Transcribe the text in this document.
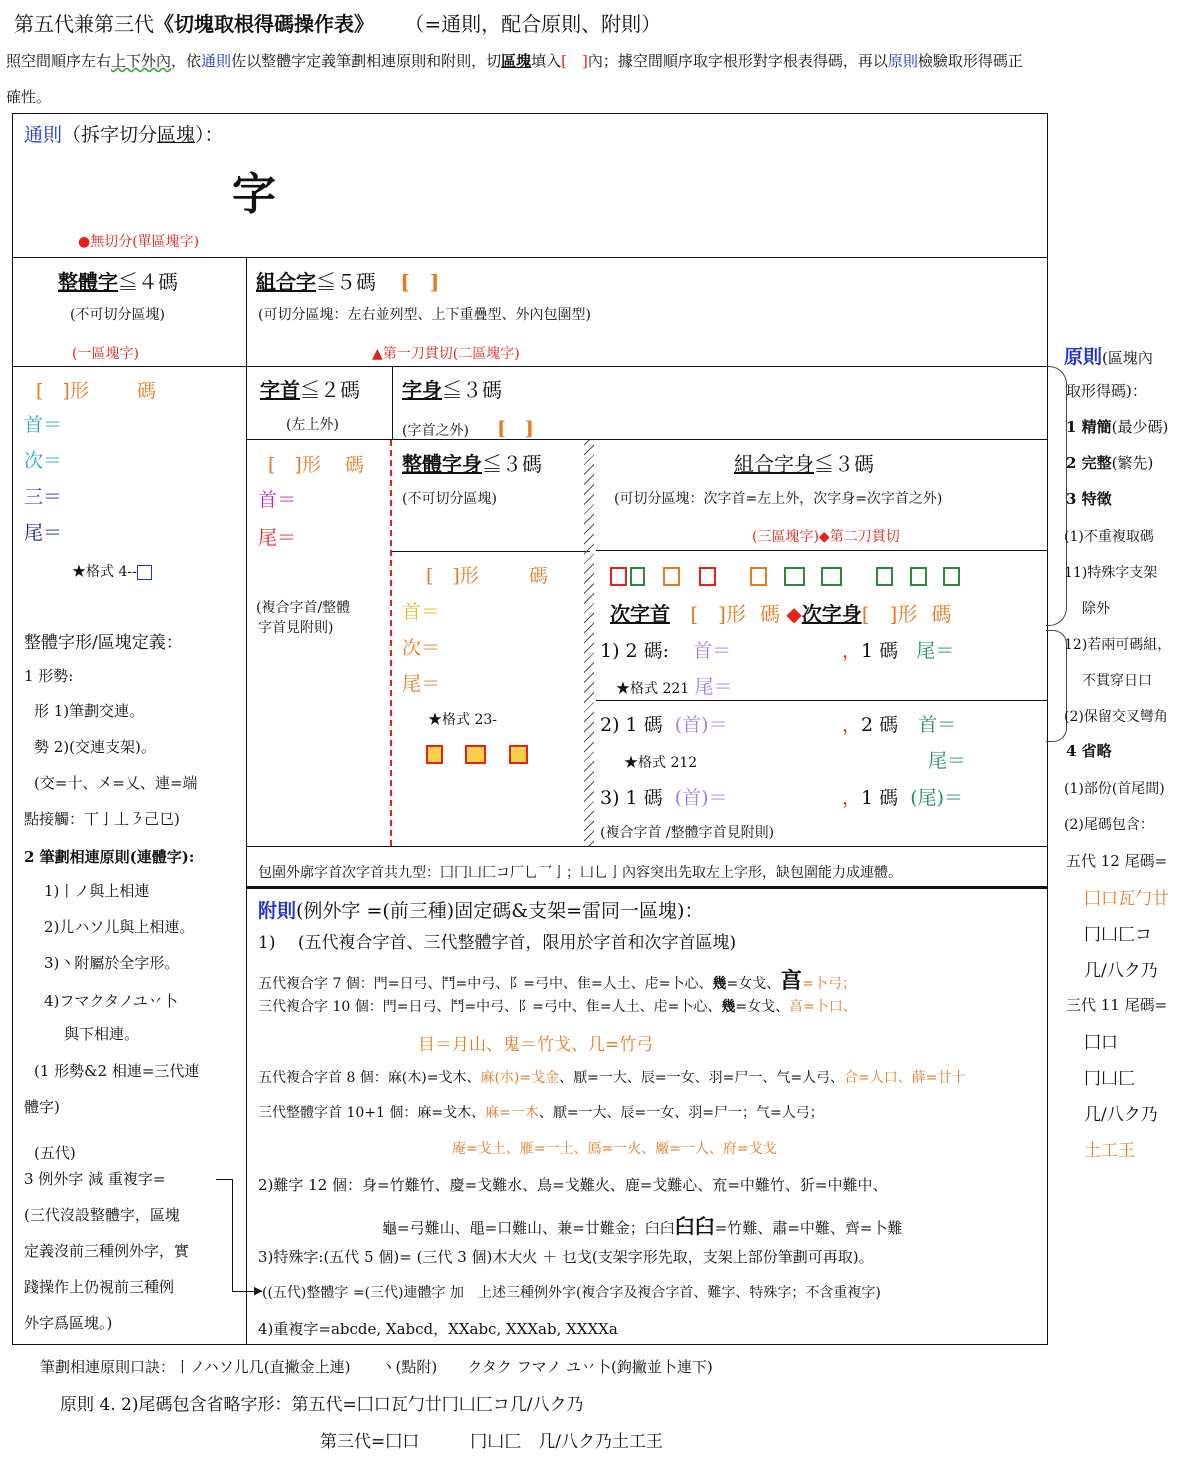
第五代兼第三代《切塊取根得碼操作表》 （=通則，配合原則、附則）
照空間順序左右上下外內，依通則佐以整體字定義筆劃相連原則和附則，切區塊填入[　]內；據空間順序取字根形對字根表得碼，再以原則檢驗取形得碼正
確性。
通則（拆字切分區塊）：
字
●無切分(單區塊字)
整體字≦４碼
(不可切分區塊)
(一區塊字)
組合字≦５碼 [　]
(可切分區塊：左右並列型、上下重疊型、外內包圍型)
▲第一刀貫切(二區塊字)
[　]形	碼
首＝
次＝
三＝
尾＝
★格式 4--
整體字形/區塊定義：
1 形勢:
形 1)筆劃交連。
勢 2)(交連支架)。
(交=十、㐅=乂、連=端
點接觸：丅亅丄㇋己㔾)
2 筆劃相連原則(連體字):
1)丨ノ與上相連
2)儿ハソ儿與上相連。
3)丶附屬於全字形。
4)フマクタノユ丷卜
與下相連。
(1 形勢&2 相連=三代連
體字)
(五代)
3 例外字 減 重複字=
(三代沒設整體字，區塊
定義沒前三種例外字，實
踐操作上仍視前三種例
外字爲區塊。)
▶
字首≦２碼
(左上外)
[　]形 碼
首＝
尾＝
(複合字首/整體
字首見附則)
字身≦３碼
(字首之外) [　]
整體字身≦３碼
(不可切分區塊)
[　]形	碼
首＝
次＝
尾＝
★格式 23-

組合字身≦３碼
(可切分區塊：次字首=左上外，次字身=次字首之外)
(三區塊字)◆第二刀貫切

次字首 [　]形 碼 ◆次字身[　]形 碼
1) 2 碼: 首＝	，1 碼 尾＝
★格式 221 尾＝
2) 1 碼 (首)＝	，2 碼 首＝
★格式 212	尾＝
3) 1 碼 (首)＝	，1 碼 (尾)＝
(複合字首 /整體字首見附則)
包圍外廓字首次字首共九型：囗冂凵匚コ厂乚乛亅；凵乚亅內容突出先取左上字形，缺包圍能力成連體。
附則(例外字 =(前三種)固定碼&支架=雷同一區塊)：
1)　 (五代複合字首、三代整體字首，限用於字首和次字首區塊)
五代複合字 7 個：門=日弓、鬥=中弓、阝=弓中、隹=人土、虍=卜心、幾=女戈、亯=卜弓；
三代複合字 10 個：門=日弓、鬥=中弓、阝=弓中、隹=人土、虍=卜心、幾=女戈、亯=卜口、
目＝月山、鬼＝竹戈、几=竹弓
五代複合字首 8 個：麻(木)=戈木、麻(朩)=戈金、厭=一大、辰=一女、羽=尸一、气=人弓、合=人口、薛=廿十
三代整體字首 10+1 個：麻=戈木、麻=一木、厭=一大、辰=一女、羽=尸一；气=人弓；
庵=戈土、雁=一土、鳫=一火、厰=一人、府=戈戈
2)難字 12 個：身=竹難竹、慶=戈難水、鳥=戈難火、鹿=戈難心、㐬=中難竹、㹞=中難中、
龜=弓難山、黽=口難山、兼=廿難金；臼臼臼臼=竹難、肅=中難、齊=卜難
3)特殊字:(五代 5 個)= (三代 3 個)木大火 ＋ 乜戈(支架字形先取，支架上部份筆劃可再取)。
((五代)整體字 =(三代)連體字 加　上述三種例外字(複合字及複合字首、難字、特殊字；不含重複字)
4)重複字=abcde, Xabcd，XXabc, XXXab, XXXXa
原則(區塊內
取形得碼)：
1 精簡(最少碼)
2 完整(繁先)
3 特徵
(1)不重複取碼
11)特殊字支架
除外
12)若兩可碼組，
不貫穿日口
(2)保留交叉彎角
4 省略
(1)部份(首尾間)
(2)尾碼包含：
五代 12 尾碼=
囗口瓦勹廿
冂凵匚コ
几/八ク乃
三代 11 尾碼=
囗口
冂凵匚
几/八ク乃
土工王
筆劃相連原則口訣：丨ノハソ儿几(直撇金上連)　　丶(點附)　　クタク フマノ ユ丷卜(鉤撇並卜連下)
原則 4. 2)尾碼包含省略字形：第五代=囗口瓦勹廿冂凵匚コ几/八ク乃
第三代=囗口　　　冂凵匚　几/八ク乃土工王
